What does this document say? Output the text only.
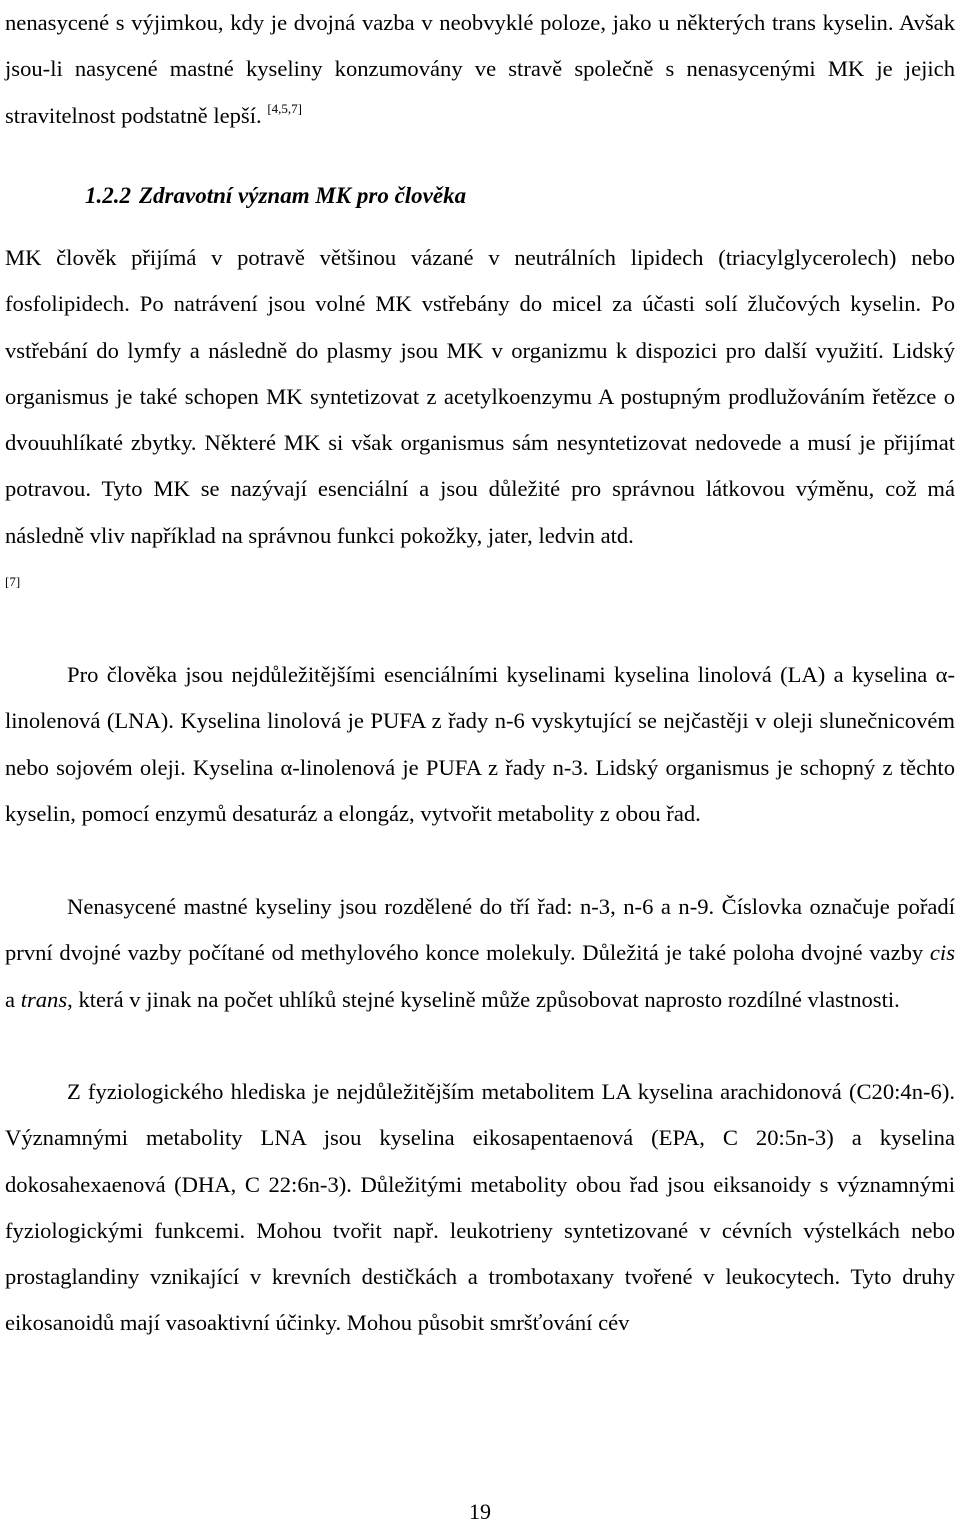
nenasycené s výjimkou, kdy je dvojná vazba v neobvyklé poloze, jako u některých trans kyselin. Avšak jsou-li nasycené mastné kyseliny konzumovány ve stravě společně s nenasycenými MK je jejich stravitelnost podstatně lepší. [4,5,7]
1.2.2 Zdravotní význam MK pro člověka
MK člověk přijímá v potravě většinou vázané v neutrálních lipidech (triacylglycerolech) nebo fosfolipidech. Po natrávení jsou volné MK vstřebány do micel za účasti solí žlučových kyselin. Po vstřebání do lymfy a následně do plasmy jsou MK v organizmu k dispozici pro další využití. Lidský organismus je také schopen MK syntetizovat z acetylkoenzymu A postupným prodlužováním řetězce o dvouuhlíkaté zbytky. Některé MK si však organismus sám nesyntetizovat nedovede a musí je přijímat potravou. Tyto MK se nazývají esenciální a jsou důležité pro správnou látkovou výměnu, což má následně vliv například na správnou funkci pokožky, jater, ledvin atd.
[7]
Pro člověka jsou nejdůležitějšími esenciálními kyselinami kyselina linolová (LA) a kyselina α-linolenová (LNA). Kyselina linolová je PUFA z řady n-6 vyskytující se nejčastěji v oleji slunečnicovém nebo sojovém oleji. Kyselina α-linolenová je PUFA z řady n-3. Lidský organismus je schopný z těchto kyselin, pomocí enzymů desaturáz a elongáz, vytvořit metabolity z obou řad.
Nenasycené mastné kyseliny jsou rozdělené do tří řad: n-3, n-6 a n-9. Číslovka označuje pořadí první dvojné vazby počítané od methylového konce molekuly. Důležitá je také poloha dvojné vazby cis a trans, která v jinak na počet uhlíků stejné kyselině může způsobovat naprosto rozdílné vlastnosti.
Z fyziologického hlediska je nejdůležitějším metabolitem LA kyselina arachidonová (C20:4n-6). Významnými metabolity LNA jsou kyselina eikosapentaenová (EPA, C 20:5n-3) a kyselina dokosahexaenová (DHA, C 22:6n-3). Důležitými metabolity obou řad jsou eiksanoidy s významnými fyziologickými funkcemi. Mohou tvořit např. leukotrieny syntetizované v cévních výstelkách nebo prostaglandiny vznikající v krevních destičkách a trombotaxany tvořené v leukocytech. Tyto druhy eikosanoidů mají vasoaktivní účinky. Mohou působit smršťování cév
19
